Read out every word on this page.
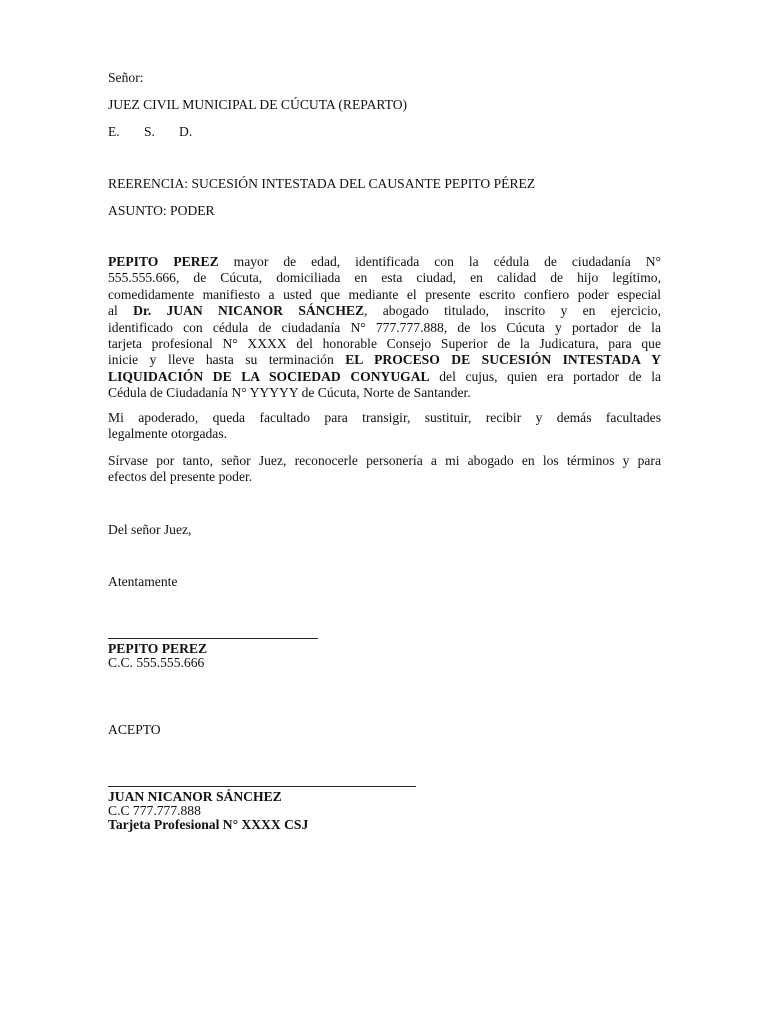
Señor:
JUEZ CIVIL MUNICIPAL DE CÚCUTA (REPARTO)
E. S. D.
REERENCIA: SUCESIÓN INTESTADA DEL CAUSANTE PEPITO PÉREZ
ASUNTO: PODER
PEPITO PEREZ mayor de edad, identificada con la cédula de ciudadanía N°
555.555.666, de Cúcuta, domiciliada en esta ciudad, en calidad de hijo legítimo,
comedidamente manifiesto a usted que mediante el presente escrito confiero poder especial
al Dr. JUAN NICANOR SÁNCHEZ, abogado titulado, inscrito y en ejercicio,
identificado con cédula de ciudadanía N° 777.777.888, de los Cúcuta y portador de la
tarjeta profesional N° XXXX del honorable Consejo Superior de la Judicatura, para que
inicie y lleve hasta su terminación EL PROCESO DE SUCESIÓN INTESTADA Y
LIQUIDACIÓN DE LA SOCIEDAD CONYUGAL del cujus, quien era portador de la
Cédula de Ciudadanía N° YYYYY de Cúcuta, Norte de Santander.
Mi apoderado, queda facultado para transigir, sustituir, recibir y demás facultades
legalmente otorgadas.
Sírvase por tanto, señor Juez, reconocerle personería a mi abogado en los términos y para
efectos del presente poder.
Del señor Juez,
Atentamente
PEPITO PEREZ
C.C. 555.555.666
ACEPTO
JUAN NICANOR SÁNCHEZ
C.C 777.777.888
Tarjeta Profesional N° XXXX CSJ
